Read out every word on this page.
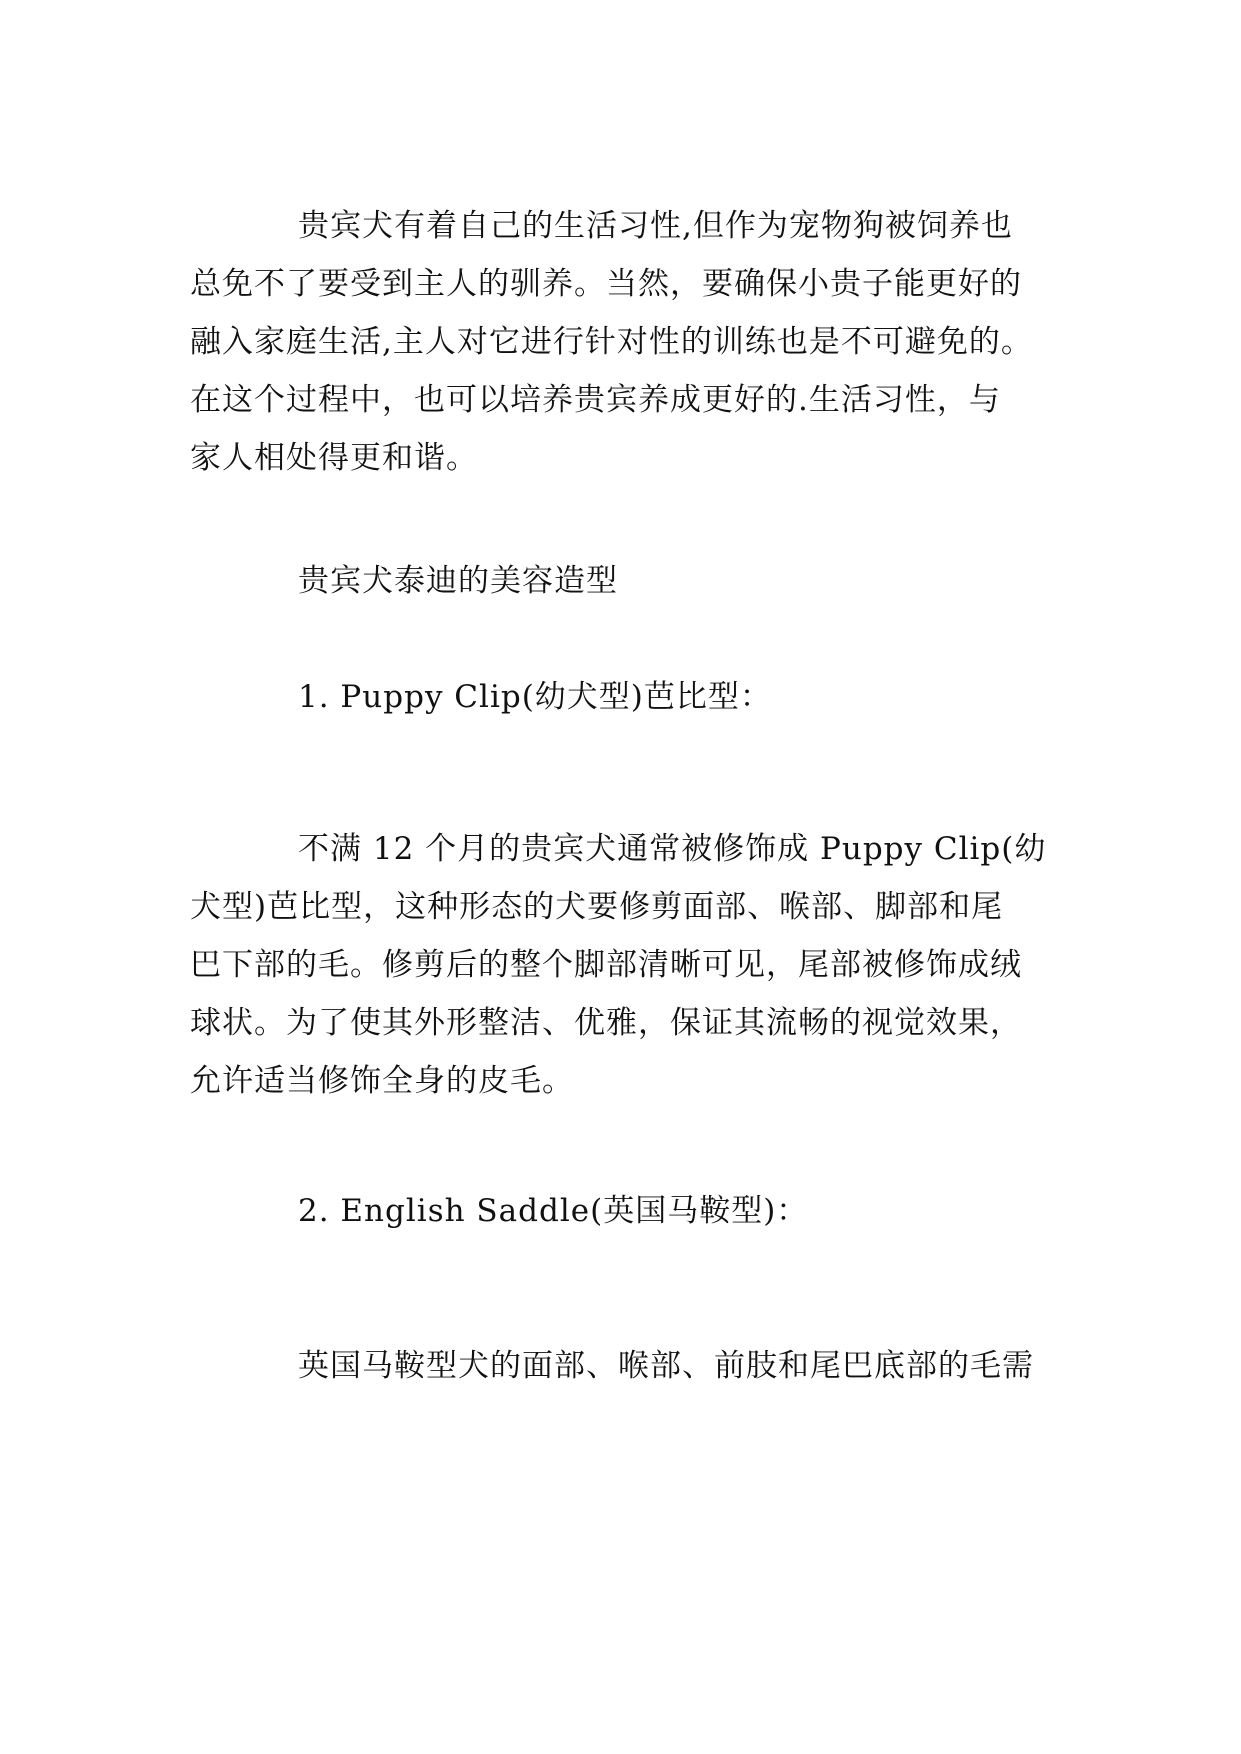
贵宾犬有着自己的生活习性,但作为宠物狗被饲养也
总免不了要受到主人的驯养。当然，要确保小贵子能更好的
融入家庭生活,主人对它进行针对性的训练也是不可避免的。
在这个过程中，也可以培养贵宾养成更好的.生活习性，与
家人相处得更和谐。
贵宾犬泰迪的美容造型
1. Puppy Clip(幼犬型)芭比型：
不满 12 个月的贵宾犬通常被修饰成 Puppy Clip(幼
犬型)芭比型，这种形态的犬要修剪面部、喉部、脚部和尾
巴下部的毛。修剪后的整个脚部清晰可见，尾部被修饰成绒
球状。为了使其外形整洁、优雅，保证其流畅的视觉效果，
允许适当修饰全身的皮毛。
2. English Saddle(英国马鞍型)：
英国马鞍型犬的面部、喉部、前肢和尾巴底部的毛需
